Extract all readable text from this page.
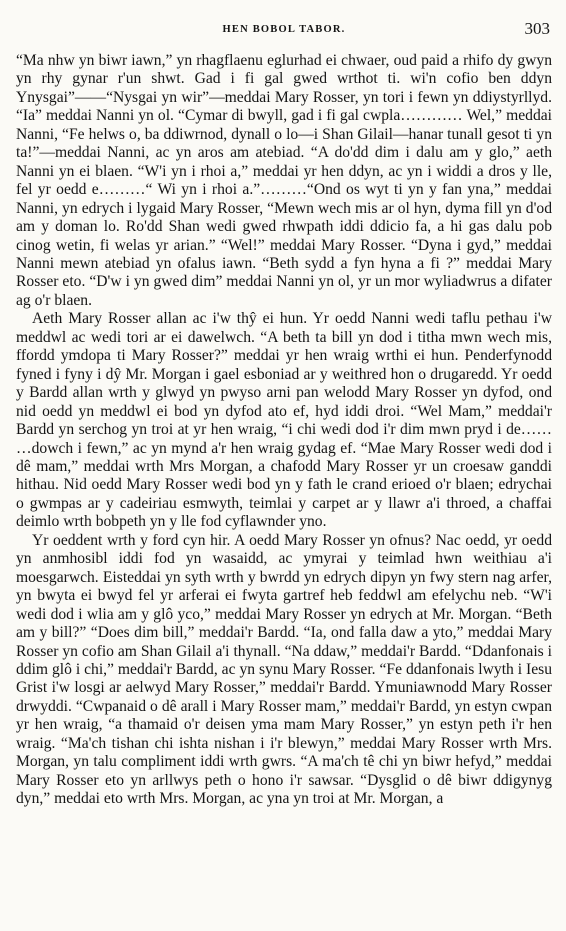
HEN BOBOL TABOR.	303

“Ma nhw yn biwr iawn,” yn rhagflaenu eglurhad ei chwaer, oud paid a rhifo dy gwyn yn rhy gynar r'un shwt. Gad i fi gal gwed wrthot ti. wi'n cofio ben ddyn Ynysgai”——“Nysgai yn wir”—meddai Mary Rosser, yn tori i fewn yn ddiystyrllyd. “Ia” meddai Nanni yn ol. “Cymar di bwyll, gad i fi gal cwpla………… Wel,” meddai Nanni, “Fe helws o, ba ddiwrnod, dynall o lo—i Shan Gilail—hanar tunall gesot ti yn ta!”—meddai Nanni, ac yn aros am atebiad. “A do'dd dim i dalu am y glo,” aeth Nanni yn ei blaen. “W'i yn i rhoi a,” meddai yr hen ddyn, ac yn i widdi a dros y lle, fel yr oedd e………“ Wi yn i rhoi a.”………“Ond os wyt ti yn y fan yna,” meddai Nanni, yn edrych i lygaid Mary Rosser, “Mewn wech mis ar ol hyn, dyma fill yn d'od am y doman lo. Ro'dd Shan wedi gwed rhwpath iddi ddicio fa, a hi gas dalu pob cinog wetin, fi welas yr arian.” “Wel!” meddai Mary Rosser. “Dyna i gyd,” meddai Nanni mewn atebiad yn ofalus iawn. “Beth sydd a fyn hyna a fi ?” meddai Mary Rosser eto. “D'w i yn gwed dim” meddai Nanni yn ol, yr un mor wyliadwrus a difater ag o'r blaen.

Aeth Mary Rosser allan ac i'w thŷ ei hun. Yr oedd Nanni wedi taflu pethau i'w meddwl ac wedi tori ar ei dawelwch. “A beth ta bill yn dod i titha mwn wech mis, ffordd ymdopa ti Mary Rosser?” meddai yr hen wraig wrthi ei hun. Penderfynodd fyned i fyny i dŷ Mr. Morgan i gael esboniad ar y weithred hon o drugaredd. Yr oedd y Bardd allan wrth y glwyd yn pwyso arni pan welodd Mary Rosser yn dyfod, ond nid oedd yn meddwl ei bod yn dyfod ato ef, hyd iddi droi. “Wel Mam,” meddai'r Bardd yn serchog yn troi at yr hen wraig, “i chi wedi dod i'r dim mwn pryd i de…… …dowch i fewn,” ac yn mynd a'r hen wraig gydag ef. “Mae Mary Rosser wedi dod i dê mam,” meddai wrth Mrs Morgan, a chafodd Mary Rosser yr un croesaw ganddi hithau. Nid oedd Mary Rosser wedi bod yn y fath le crand erioed o'r blaen; edrychai o gwmpas ar y cadeiriau esmwyth, teimlai y carpet ar y llawr a'i throed, a chaffai deimlo wrth bobpeth yn y lle fod cyflawnder yno.

Yr oeddent wrth y ford cyn hir. A oedd Mary Rosser yn ofnus? Nac oedd, yr oedd yn anmhosibl iddi fod yn wasaidd, ac ymyrai y teimlad hwn weithiau a'i moesgarwch. Eisteddai yn syth wrth y bwrdd yn edrych dipyn yn fwy stern nag arfer, yn bwyta ei bwyd fel yr arferai ei fwyta gartref heb feddwl am efelychu neb. “W'i wedi dod i wlia am y glô yco,” meddai Mary Rosser yn edrych at Mr. Morgan. “Beth am y bill?” “Does dim bill,” meddai'r Bardd. “Ia, ond falla daw a yto,” meddai Mary Rosser yn cofio am Shan Gilail a'i thynall. “Na ddaw,” meddai'r Bardd. “Ddanfonais i ddim glô i chi,” meddai'r Bardd, ac yn synu Mary Rosser. “Fe ddanfonais lwyth i Iesu Grist i'w losgi ar aelwyd Mary Rosser,” meddai'r Bardd. Ymuniawnodd Mary Rosser drwyddi. “Cwpanaid o dê arall i Mary Rosser mam,” meddai'r Bardd, yn estyn cwpan yr hen wraig, “a thamaid o'r deisen yma mam Mary Rosser,” yn estyn peth i'r hen wraig. “Ma'ch tishan chi ishta nishan i i'r blewyn,” meddai Mary Rosser wrth Mrs. Morgan, yn talu compliment iddi wrth gwrs. “A ma'ch tê chi yn biwr hefyd,” meddai Mary Rosser eto yn arllwys peth o hono i'r sawsar. “Dysglid o dê biwr ddigynyg dyn,” meddai eto wrth Mrs. Morgan, ac yna yn troi at Mr. Morgan, a
